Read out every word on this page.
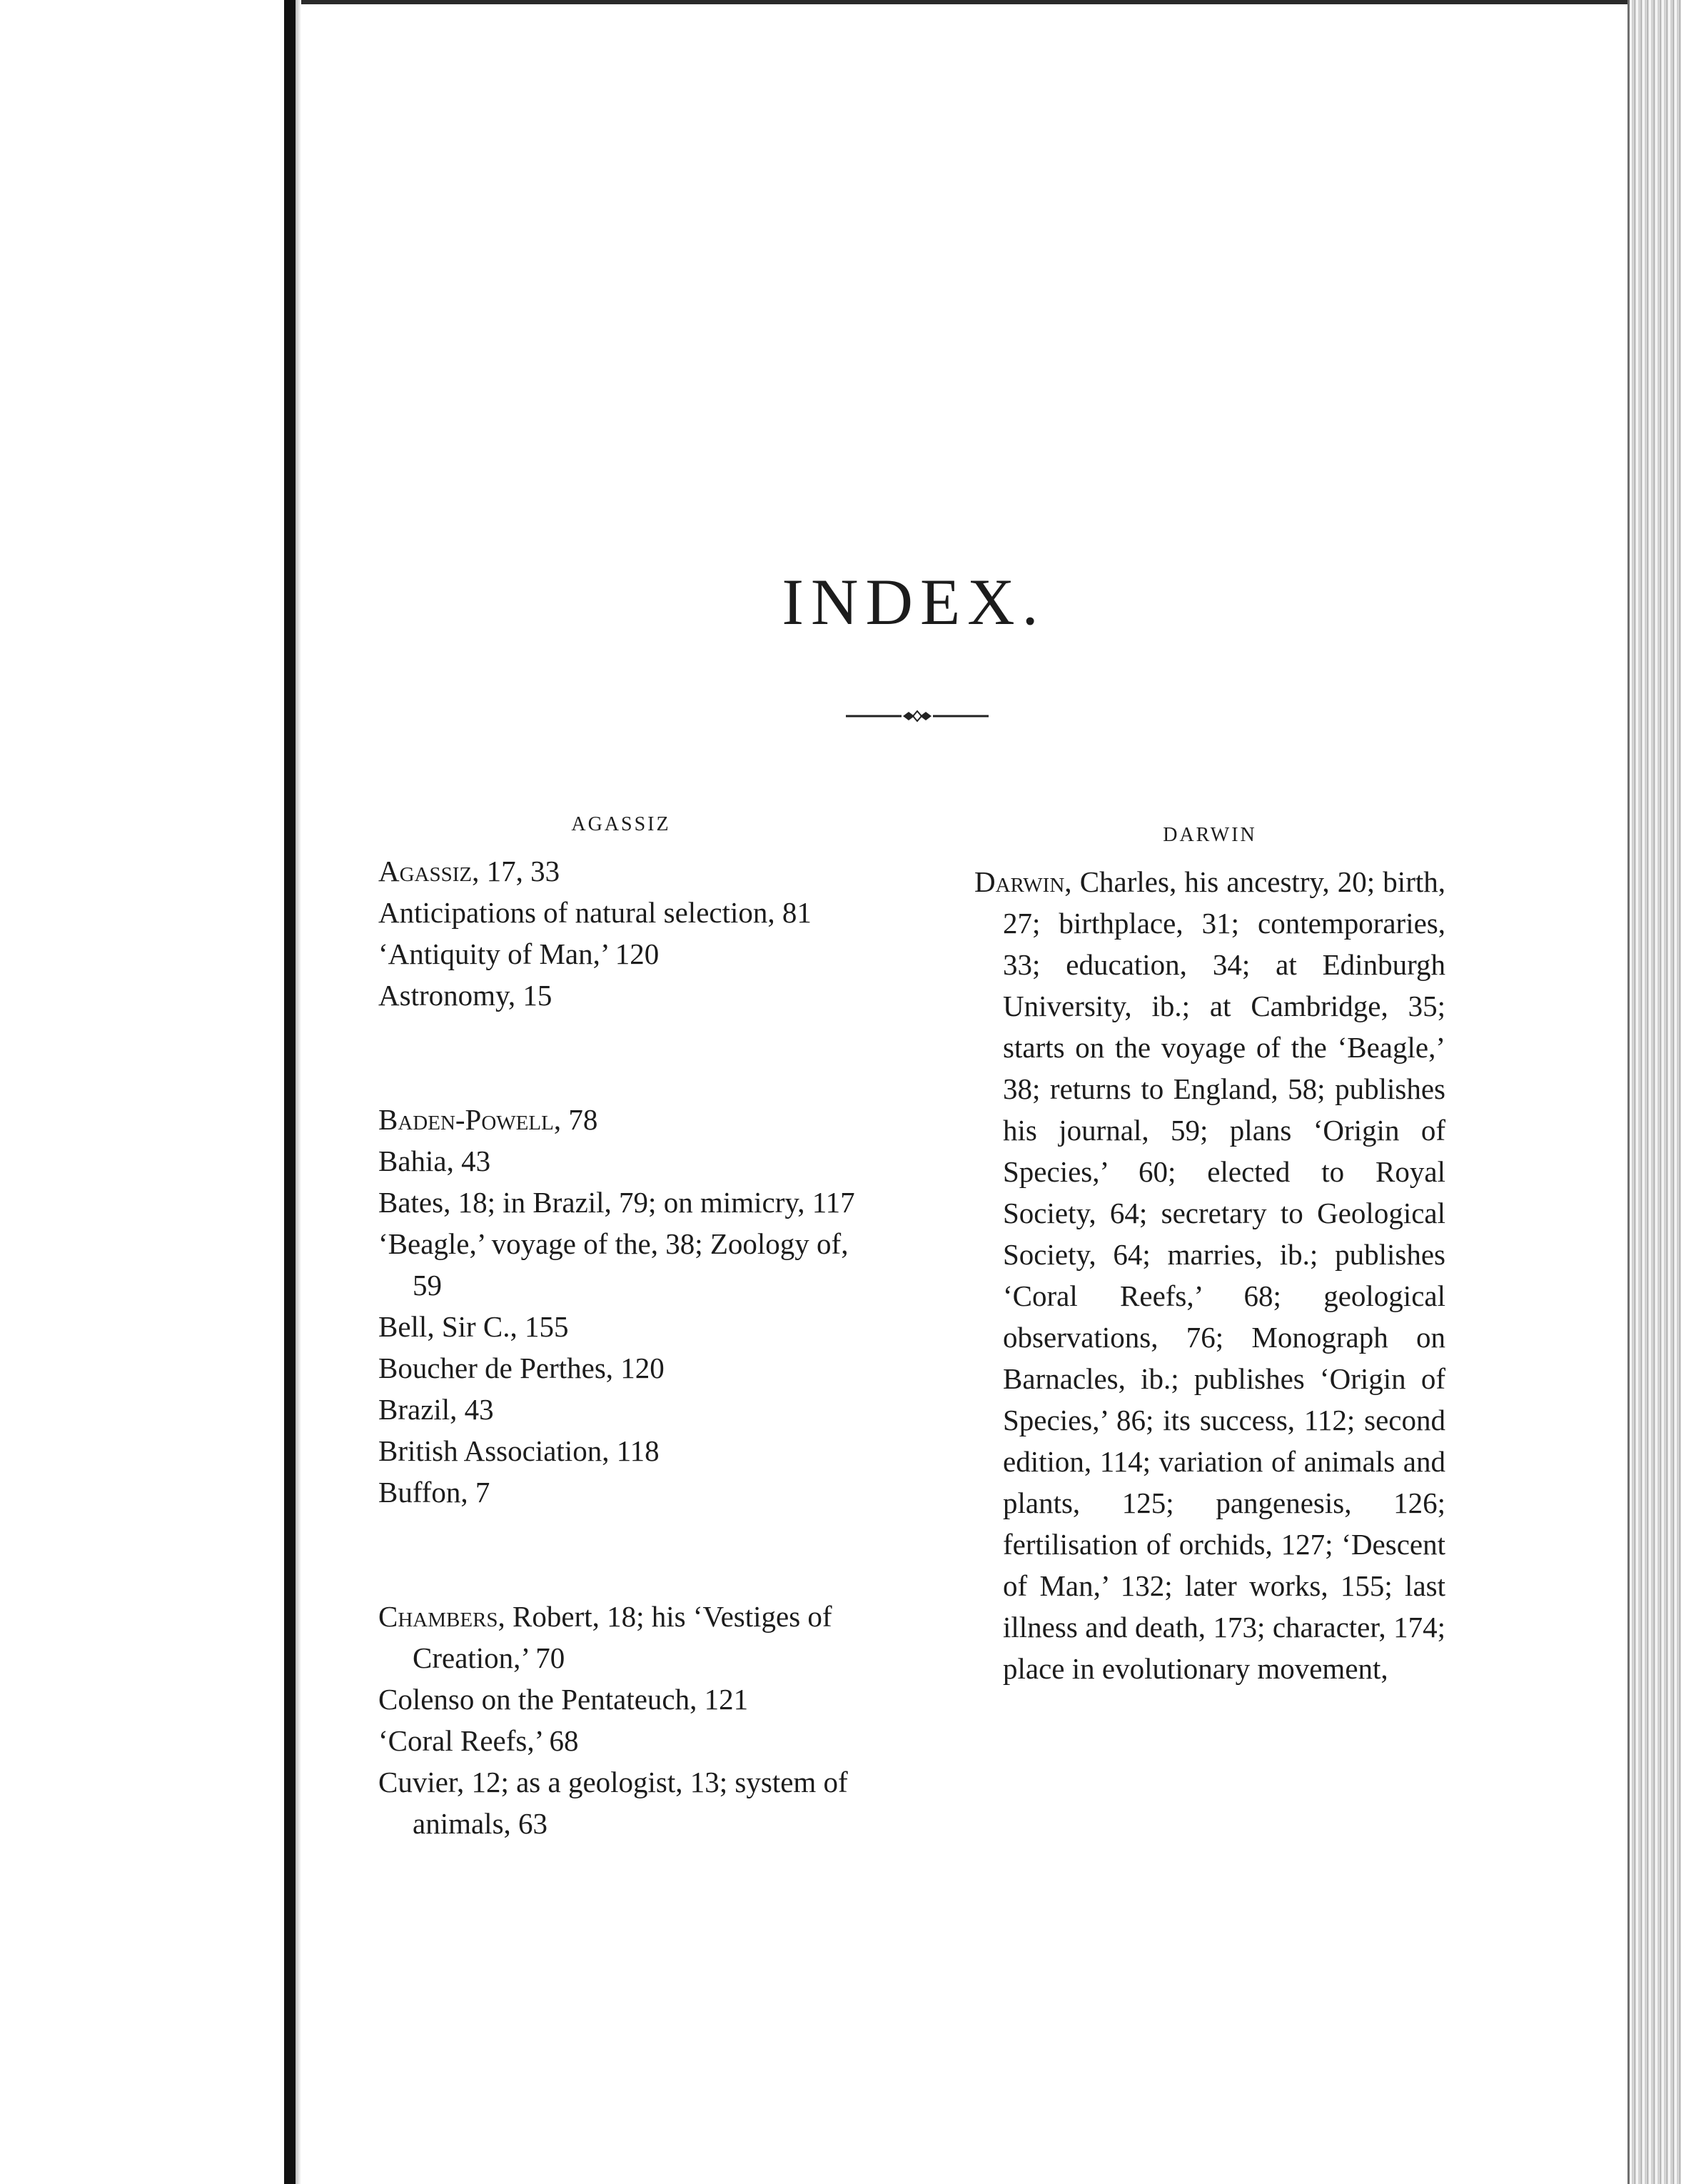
INDEX.
AGASSIZ
Agassiz, 17, 33
Anticipations of natural selection, 81
‘Antiquity of Man,’ 120
Astronomy, 15
Baden-Powell, 78
Bahia, 43
Bates, 18; in Brazil, 79; on mimicry, 117
‘Beagle,’ voyage of the, 38; Zoology of, 59
Bell, Sir C., 155
Boucher de Perthes, 120
Brazil, 43
British Association, 118
Buffon, 7
Chambers, Robert, 18; his ‘Vestiges of Creation,’ 70
Colenso on the Pentateuch, 121
‘Coral Reefs,’ 68
Cuvier, 12; as a geologist, 13; system of animals, 63
DARWIN
Darwin, Charles, his ancestry, 20; birth, 27; birthplace, 31; contemporaries, 33; education, 34; at Edinburgh University, ib.; at Cambridge, 35; starts on the voyage of the ‘Beagle,’ 38; returns to England, 58; publishes his journal, 59; plans ‘Origin of Species,’ 60; elected to Royal Society, 64; secretary to Geological Society, 64; marries, ib.; publishes ‘Coral Reefs,’ 68; geological observations, 76; Monograph on Barnacles, ib.; publishes ‘Origin of Species,’ 86; its success, 112; second edition, 114; variation of animals and plants, 125; pangenesis, 126; fertilisation of orchids, 127; ‘Descent of Man,’ 132; later works, 155; last illness and death, 173; character, 174; place in evolutionary movement,
